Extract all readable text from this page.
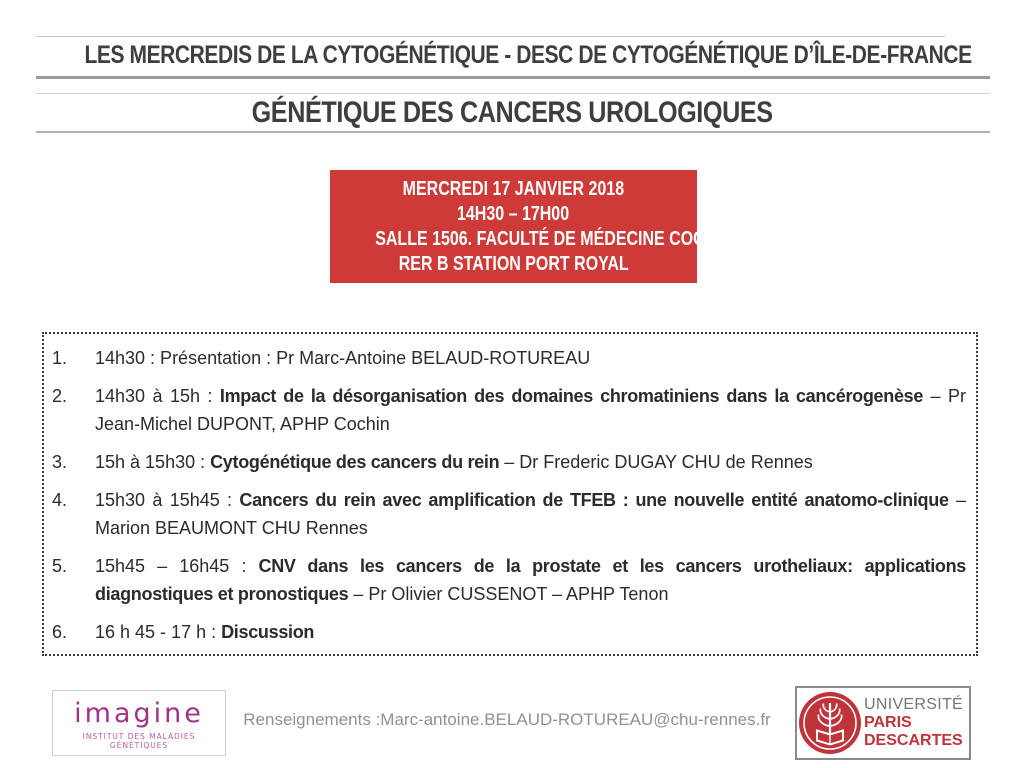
LES MERCREDIS DE LA CYTOGÉNÉTIQUE - DESC DE CYTOGÉNÉTIQUE D’ÎLE-DE-FRANCE
GÉNÉTIQUE DES CANCERS UROLOGIQUES
MERCREDI 17 JANVIER 2018
14H30 – 17H00
SALLE 1506. FACULTÉ DE MÉDECINE COCHIN.
RER B STATION PORT ROYAL
1. 14h30 : Présentation : Pr Marc-Antoine BELAUD-ROTUREAU
2. 14h30 à 15h : Impact de la désorganisation des domaines chromatiniens dans la cancérogenèse – Pr Jean-Michel DUPONT, APHP Cochin
3. 15h à 15h30 : Cytogénétique des cancers du rein – Dr Frederic DUGAY CHU de Rennes
4. 15h30 à 15h45 : Cancers du rein avec amplification de TFEB : une nouvelle entité anatomo-clinique – Marion BEAUMONT CHU Rennes
5. 15h45 – 16h45 : CNV dans les cancers de la prostate et les cancers urotheliaux: applications diagnostiques et pronostiques – Pr Olivier CUSSENOT – APHP Tenon
6. 16 h 45 - 17 h : Discussion
imagine
INSTITUT DES MALADIES GÉNÉTIQUES
Renseignements :Marc-antoine.BELAUD-ROTUREAU@chu-rennes.fr
UNIVERSITÉ
PARIS
DESCARTES
